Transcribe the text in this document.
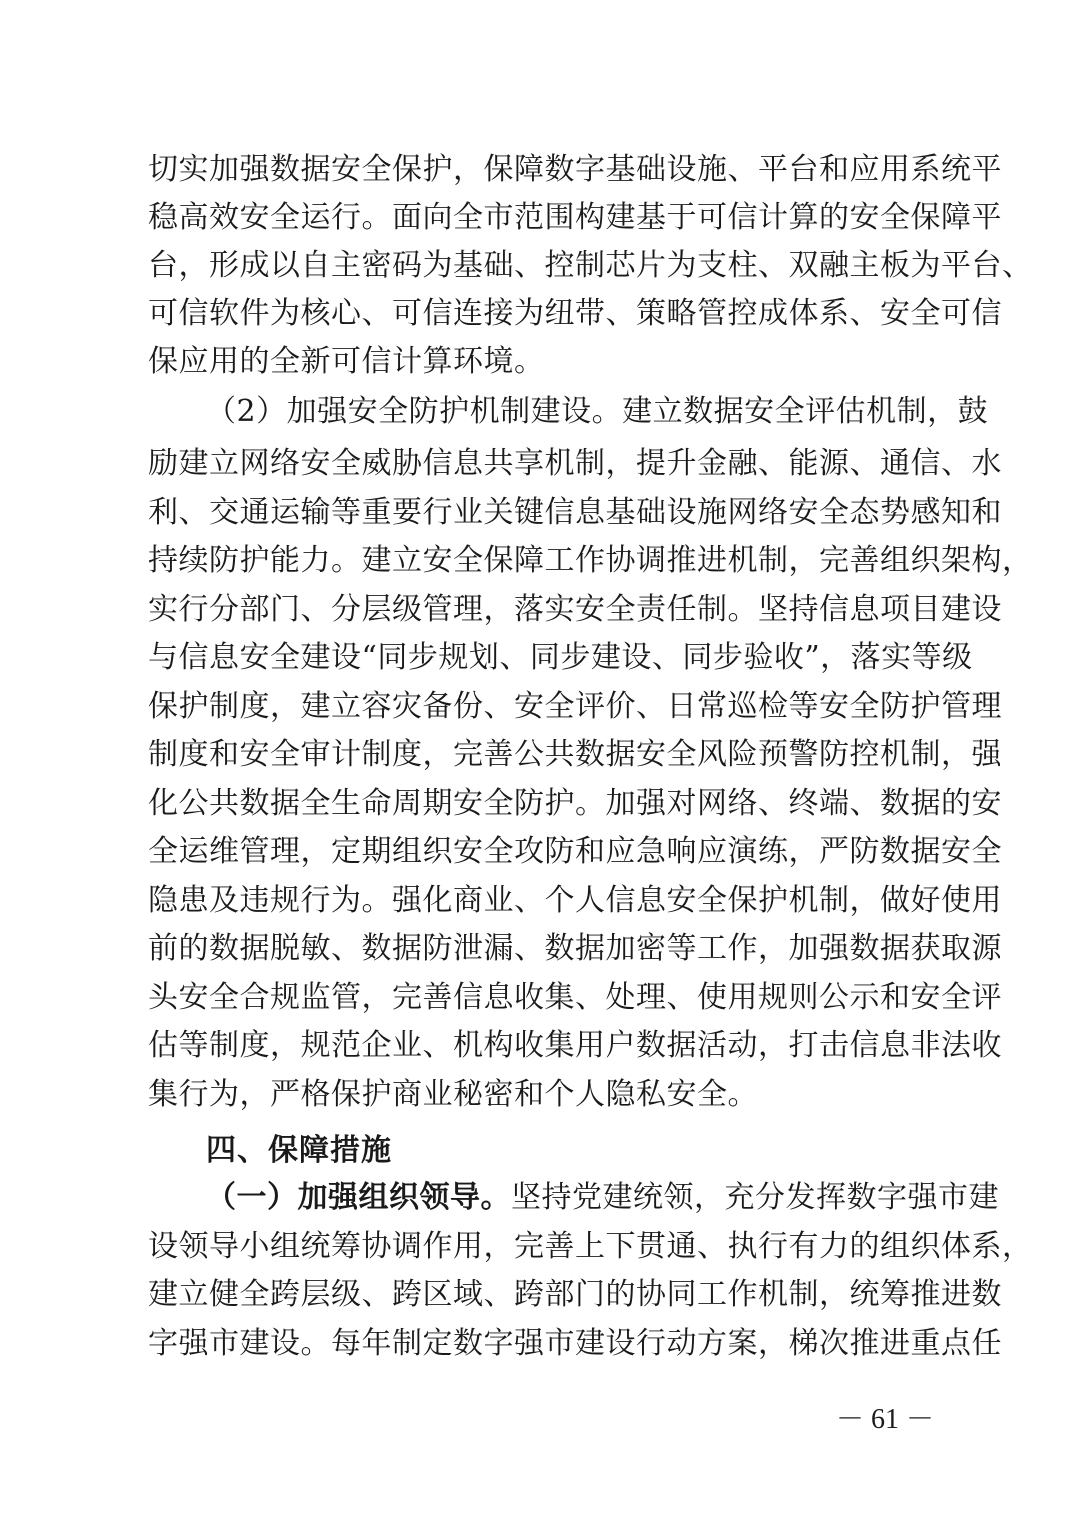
切实加强数据安全保护，保障数字基础设施、平台和应用系统平
稳高效安全运行。面向全市范围构建基于可信计算的安全保障平
台，形成以自主密码为基础、控制芯片为支柱、双融主板为平台、
可信软件为核心、可信连接为纽带、策略管控成体系、安全可信
保应用的全新可信计算环境。
（2）加强安全防护机制建设。建立数据安全评估机制，鼓
励建立网络安全威胁信息共享机制，提升金融、能源、通信、水
利、交通运输等重要行业关键信息基础设施网络安全态势感知和
持续防护能力。建立安全保障工作协调推进机制，完善组织架构，
实行分部门、分层级管理，落实安全责任制。坚持信息项目建设
与信息安全建设“同步规划、同步建设、同步验收”，落实等级
保护制度，建立容灾备份、安全评价、日常巡检等安全防护管理
制度和安全审计制度，完善公共数据安全风险预警防控机制，强
化公共数据全生命周期安全防护。加强对网络、终端、数据的安
全运维管理，定期组织安全攻防和应急响应演练，严防数据安全
隐患及违规行为。强化商业、个人信息安全保护机制，做好使用
前的数据脱敏、数据防泄漏、数据加密等工作，加强数据获取源
头安全合规监管，完善信息收集、处理、使用规则公示和安全评
估等制度，规范企业、机构收集用户数据活动，打击信息非法收
集行为，严格保护商业秘密和个人隐私安全。
四、保障措施
（一）加强组织领导。坚持党建统领，充分发挥数字强市建
设领导小组统筹协调作用，完善上下贯通、执行有力的组织体系，
建立健全跨层级、跨区域、跨部门的协同工作机制，统筹推进数
字强市建设。每年制定数字强市建设行动方案，梯次推进重点任
－ 61 －
